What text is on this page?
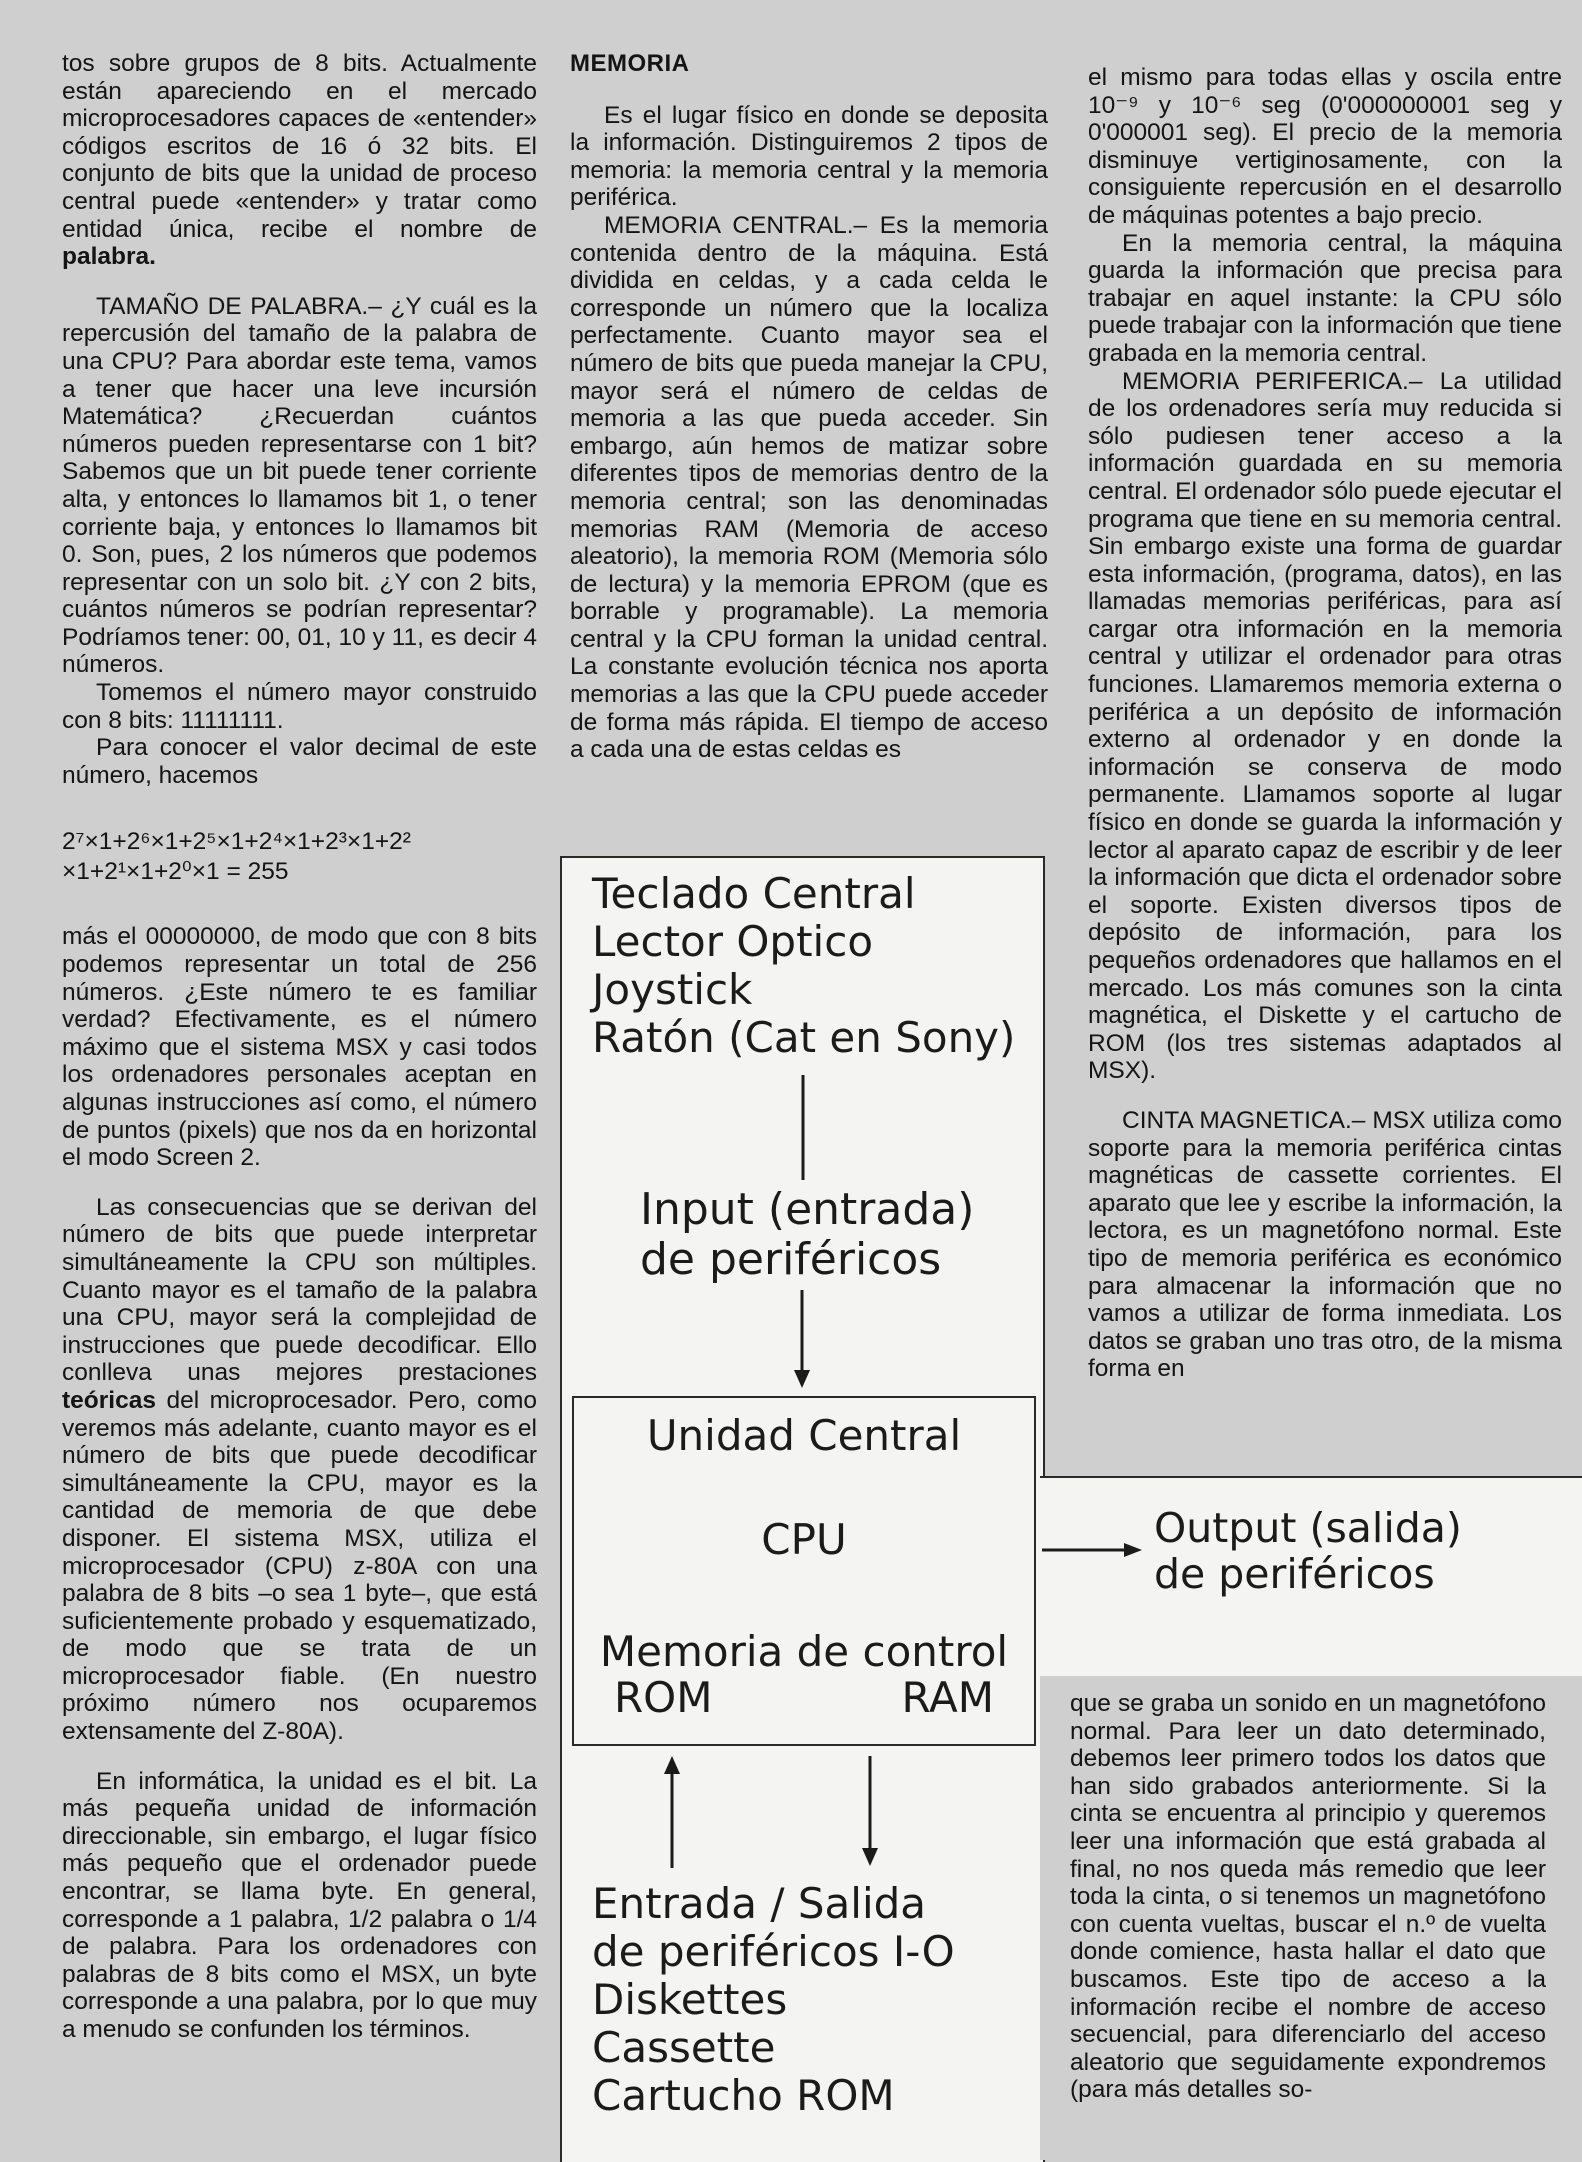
tos sobre grupos de 8 bits. Actualmente están apareciendo en el mercado microprocesadores capaces de «entender» códigos escritos de 16 ó 32 bits. El conjunto de bits que la unidad de proceso central puede «entender» y tratar como entidad única, recibe el nombre de palabra.

TAMAÑO DE PALABRA.– ¿Y cuál es la repercusión del tamaño de la palabra de una CPU? Para abordar este tema, vamos a tener que hacer una leve incursión Matemática? ¿Recuerdan cuántos números pueden representarse con 1 bit? Sabemos que un bit puede tener corriente alta, y entonces lo llamamos bit 1, o tener corriente baja, y entonces lo llamamos bit 0. Son, pues, 2 los números que podemos representar con un solo bit. ¿Y con 2 bits, cuántos números se podrían representar? Podríamos tener: 00, 01, 10 y 11, es decir 4 números.

Tomemos el número mayor construido con 8 bits: 11111111.

Para conocer el valor decimal de este número, hacemos

2⁷×1+2⁶×1+2⁵×1+2⁴×1+2³×1+2²
×1+2¹×1+2⁰×1 = 255

más el 00000000, de modo que con 8 bits podemos representar un total de 256 números. ¿Este número te es familiar verdad? Efectivamente, es el número máximo que el sistema MSX y casi todos los ordenadores personales aceptan en algunas instrucciones así como, el número de puntos (pixels) que nos da en horizontal el modo Screen 2.

Las consecuencias que se derivan del número de bits que puede interpretar simultáneamente la CPU son múltiples. Cuanto mayor es el tamaño de la palabra una CPU, mayor será la complejidad de instrucciones que puede decodificar. Ello conlleva unas mejores prestaciones teóricas del microprocesador. Pero, como veremos más adelante, cuanto mayor es el número de bits que puede decodificar simultáneamente la CPU, mayor es la cantidad de memoria de que debe disponer. El sistema MSX, utiliza el microprocesador (CPU) z-80A con una palabra de 8 bits –o sea 1 byte–, que está suficientemente probado y esquematizado, de modo que se trata de un microprocesador fiable. (En nuestro próximo número nos ocuparemos extensamente del Z-80A).

En informática, la unidad es el bit. La más pequeña unidad de información direccionable, sin embargo, el lugar físico más pequeño que el ordenador puede encontrar, se llama byte. En general, corresponde a 1 palabra, 1/2 palabra o 1/4 de palabra. Para los ordenadores con palabras de 8 bits como el MSX, un byte corresponde a una palabra, por lo que muy a menudo se confunden los términos.

MEMORIA

Es el lugar físico en donde se deposita la información. Distinguiremos 2 tipos de memoria: la memoria central y la memoria periférica.

MEMORIA CENTRAL.– Es la memoria contenida dentro de la máquina. Está dividida en celdas, y a cada celda le corresponde un número que la localiza perfectamente. Cuanto mayor sea el número de bits que pueda manejar la CPU, mayor será el número de celdas de memoria a las que pueda acceder. Sin embargo, aún hemos de matizar sobre diferentes tipos de memorias dentro de la memoria central; son las denominadas memorias RAM (Memoria de acceso aleatorio), la memoria ROM (Memoria sólo de lectura) y la memoria EPROM (que es borrable y programable). La memoria central y la CPU forman la unidad central. La constante evolución técnica nos aporta memorias a las que la CPU puede acceder de forma más rápida. El tiempo de acceso a cada una de estas celdas es

el mismo para todas ellas y oscila entre 10⁻⁹ y 10⁻⁶ seg (0'000000001 seg y 0'000001 seg). El precio de la memoria disminuye vertiginosamente, con la consiguiente repercusión en el desarrollo de máquinas potentes a bajo precio.

En la memoria central, la máquina guarda la información que precisa para trabajar en aquel instante: la CPU sólo puede trabajar con la información que tiene grabada en la memoria central.

MEMORIA PERIFERICA.– La utilidad de los ordenadores sería muy reducida si sólo pudiesen tener acceso a la información guardada en su memoria central. El ordenador sólo puede ejecutar el programa que tiene en su memoria central. Sin embargo existe una forma de guardar esta información, (programa, datos), en las llamadas memorias periféricas, para así cargar otra información en la memoria central y utilizar el ordenador para otras funciones. Llamaremos memoria externa o periférica a un depósito de información externo al ordenador y en donde la información se conserva de modo permanente. Llamamos soporte al lugar físico en donde se guarda la información y lector al aparato capaz de escribir y de leer la información que dicta el ordenador sobre el soporte. Existen diversos tipos de depósito de información, para los pequeños ordenadores que hallamos en el mercado. Los más comunes son la cinta magnética, el Diskette y el cartucho de ROM (los tres sistemas adaptados al MSX).

CINTA MAGNETICA.– MSX utiliza como soporte para la memoria periférica cintas magnéticas de cassette corrientes. El aparato que lee y escribe la información, la lectora, es un magnetófono normal. Este tipo de memoria periférica es económico para almacenar la información que no vamos a utilizar de forma inmediata. Los datos se graban uno tras otro, de la misma forma en

que se graba un sonido en un magnetófono normal. Para leer un dato determinado, debemos leer primero todos los datos que han sido grabados anteriormente. Si la cinta se encuentra al principio y queremos leer una información que está grabada al final, no nos queda más remedio que leer toda la cinta, o si tenemos un magnetófono con cuenta vueltas, buscar el n.º de vuelta donde comience, hasta hallar el dato que buscamos. Este tipo de acceso a la información recibe el nombre de acceso secuencial, para diferenciarlo del acceso aleatorio que seguidamente expondremos (para más detalles so-

Teclado Central
Lector Optico
Joystick
Ratón (Cat en Sony)
Input (entrada)
de periféricos
Unidad Central
CPU
Memoria de control
ROM	RAM
Output (salida)
de periféricos
Entrada / Salida
de periféricos I-O
Diskettes
Cassette
Cartucho ROM
